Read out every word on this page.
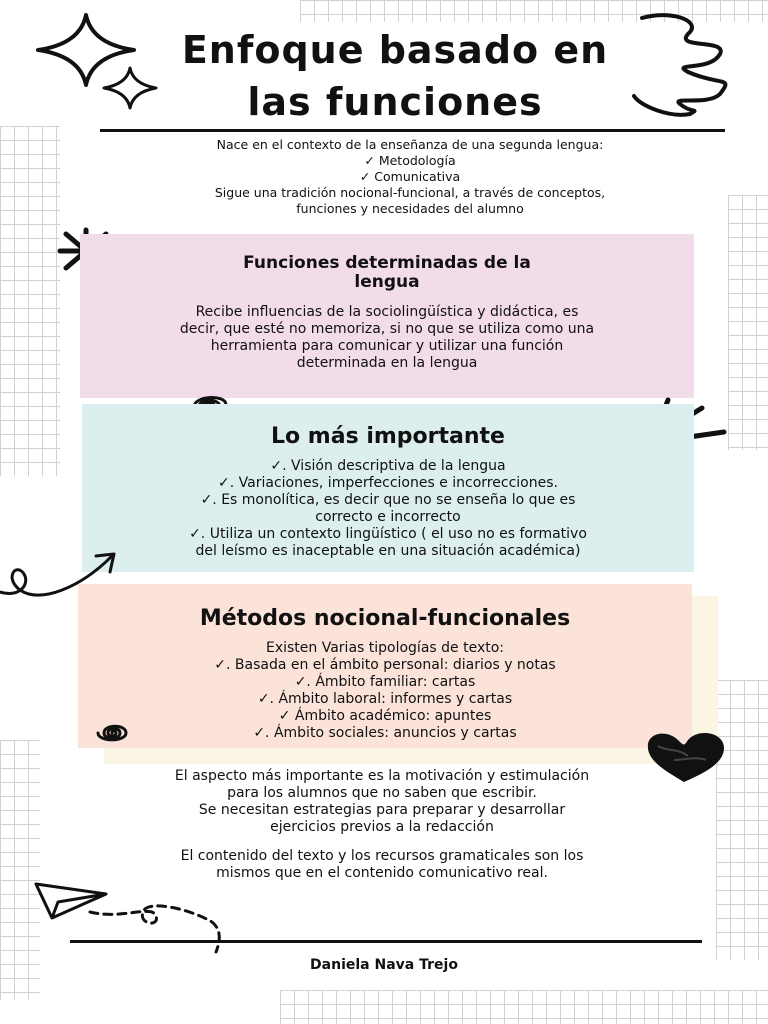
Enfoque basado en
las funciones
Nace en el contexto de la enseñanza de una segunda lengua:
✓ Metodología
✓ Comunicativa
Sigue una tradición nocional-funcional, a través de conceptos,
funciones y necesidades del alumno
Funciones determinadas de la
lengua
Recibe influencias de la sociolingüística y didáctica, es
decir, que esté no memoriza, si no que se utiliza como una
herramienta para comunicar y utilizar una función
determinada en la lengua
Lo más importante
✓. Visión descriptiva de la lengua
✓. Variaciones, imperfecciones e incorrecciones.
✓. Es monolítica, es decir que no se enseña lo que es
correcto e incorrecto
✓. Utiliza un contexto lingüístico ( el uso no es formativo
del leísmo es inaceptable en una situación académica)
Métodos nocional-funcionales
Existen Varias tipologías de texto:
✓. Basada en el ámbito personal: diarios y notas
✓. Ámbito familiar: cartas
✓. Ámbito laboral: informes y cartas
✓ Ámbito académico: apuntes
✓. Ámbito sociales: anuncios y cartas
El aspecto más importante es la motivación y estimulación
para los alumnos que no saben que escribir.
Se necesitan estrategias para preparar y desarrollar
ejercicios previos a la redacción
El contenido del texto y los recursos gramaticales son los
mismos que en el contenido comunicativo real.
Daniela Nava Trejo
